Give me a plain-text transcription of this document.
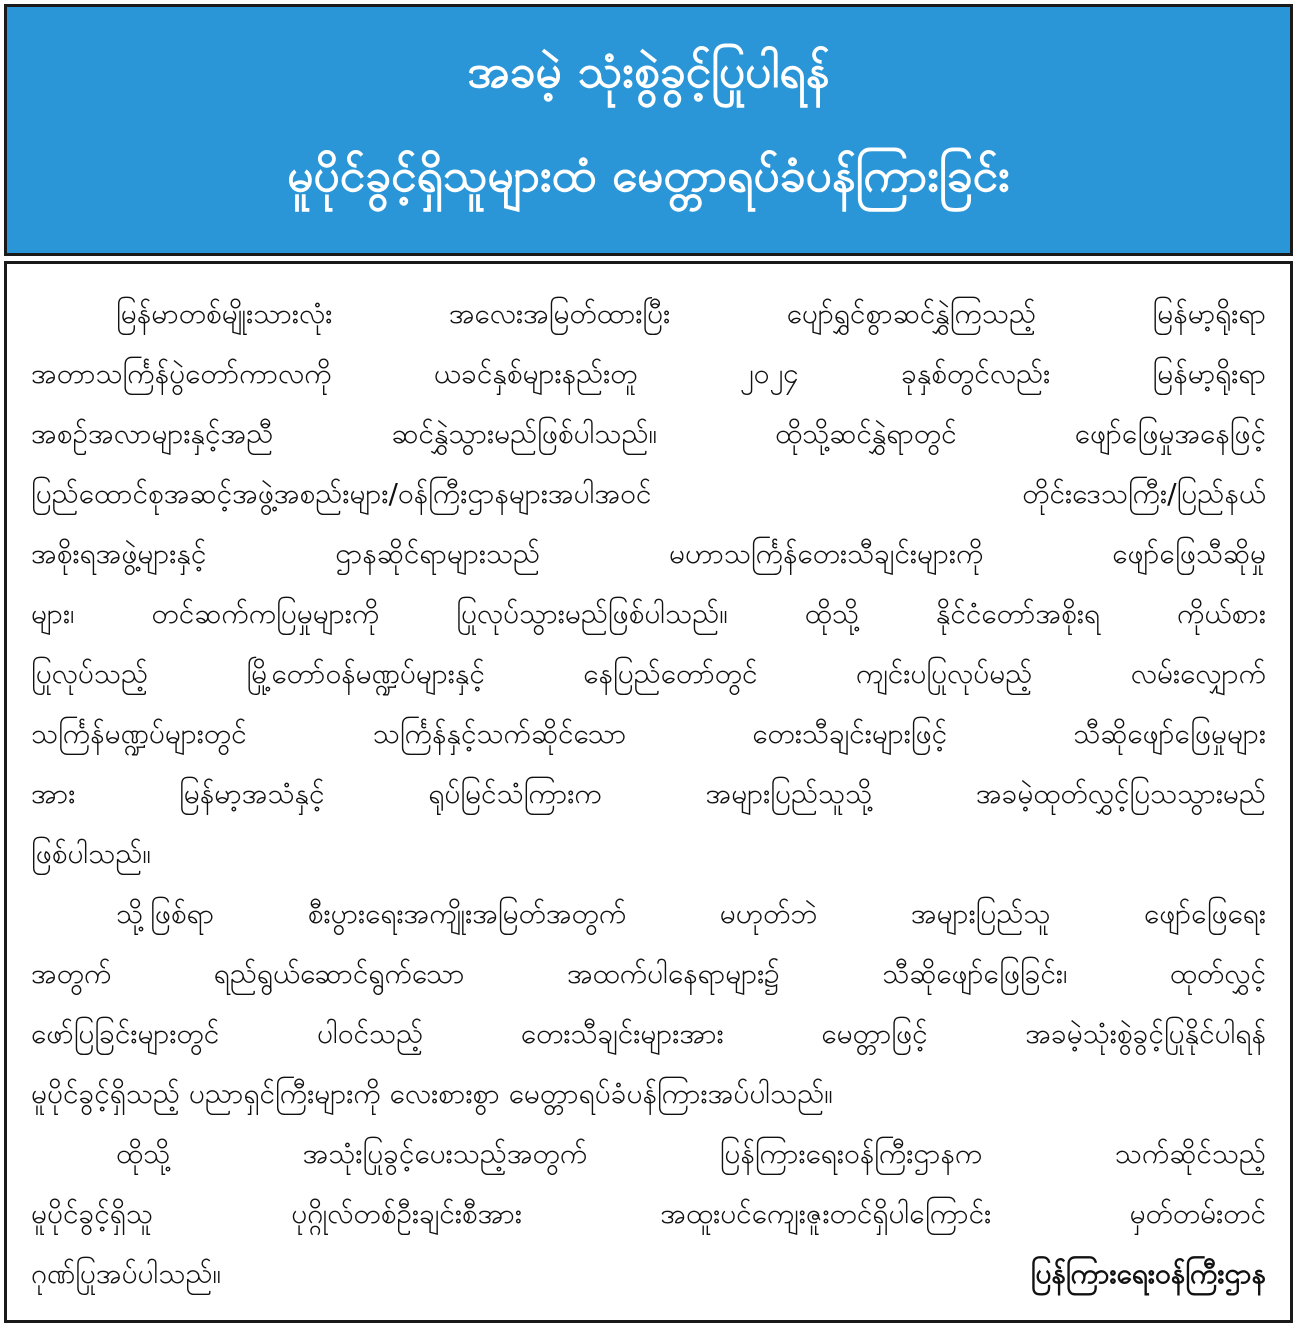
အခမဲ့ သုံးစွဲခွင့်ပြုပါရန်
မူပိုင်ခွင့်ရှိသူများထံ မေတ္တာရပ်ခံပန်ကြားခြင်း
မြန်မာတစ်မျိုးသားလုံး အလေးအမြတ်ထားပြီး ပျော်ရွှင်စွာဆင်နွှဲကြသည့် မြန်မာ့ရိုးရာ
အတာသင်္ကြန်ပွဲတော်ကာလကို ယခင်နှစ်များနည်းတူ ၂၀၂၄ ခုနှစ်တွင်လည်း မြန်မာ့ရိုးရာ
အစဉ်အလာများနှင့်အညီ ဆင်နွှဲသွားမည်ဖြစ်ပါသည်။ ထိုသို့ဆင်နွှဲရာတွင် ဖျော်ဖြေမှုအနေဖြင့်
ပြည်ထောင်စုအဆင့်အဖွဲ့အစည်းများ/ဝန်ကြီးဌာနများအပါအဝင် တိုင်းဒေသကြီး/ပြည်နယ်
အစိုးရအဖွဲ့များနှင့် ဌာနဆိုင်ရာများသည် မဟာသင်္ကြန်တေးသီချင်းများကို ဖျော်ဖြေသီဆိုမှု
များ၊ တင်ဆက်ကပြမှုများကို ပြုလုပ်သွားမည်ဖြစ်ပါသည်။ ထိုသို့ နိုင်ငံတော်အစိုးရ ကိုယ်စား
ပြုလုပ်သည့် မြို့တော်ဝန်မဏ္ဍပ်များနှင့် နေပြည်တော်တွင် ကျင်းပပြုလုပ်မည့် လမ်းလျှောက်
သင်္ကြန်မဏ္ဍပ်များတွင် သင်္ကြန်နှင့်သက်ဆိုင်သော တေးသီချင်းများဖြင့် သီဆိုဖျော်ဖြေမှုများ
အား မြန်မာ့အသံနှင့် ရုပ်မြင်သံကြားက အများပြည်သူသို့ အခမဲ့ထုတ်လွှင့်ပြသသွားမည်
ဖြစ်ပါသည်။
သို့ဖြစ်ရာ စီးပွားရေးအကျိုးအမြတ်အတွက် မဟုတ်ဘဲ အများပြည်သူ ဖျော်ဖြေရေး
အတွက် ရည်ရွယ်ဆောင်ရွက်သော အထက်ပါနေရာများ၌ သီဆိုဖျော်ဖြေခြင်း၊ ထုတ်လွှင့်
ဖော်ပြခြင်းများတွင် ပါဝင်သည့် တေးသီချင်းများအား မေတ္တာဖြင့် အခမဲ့သုံးစွဲခွင့်ပြုနိုင်ပါရန်
မူပိုင်ခွင့်ရှိသည့် ပညာရှင်ကြီးများကို လေးစားစွာ မေတ္တာရပ်ခံပန်ကြားအပ်ပါသည်။
ထိုသို့ အသုံးပြုခွင့်ပေးသည့်အတွက် ပြန်ကြားရေးဝန်ကြီးဌာနက သက်ဆိုင်သည့်
မူပိုင်ခွင့်ရှိသူ ပုဂ္ဂိုလ်တစ်ဦးချင်းစီအား အထူးပင်ကျေးဇူးတင်ရှိပါကြောင်း မှတ်တမ်းတင်
ဂုဏ်ပြုအပ်ပါသည်။	ပြန်ကြားရေးဝန်ကြီးဌာန
